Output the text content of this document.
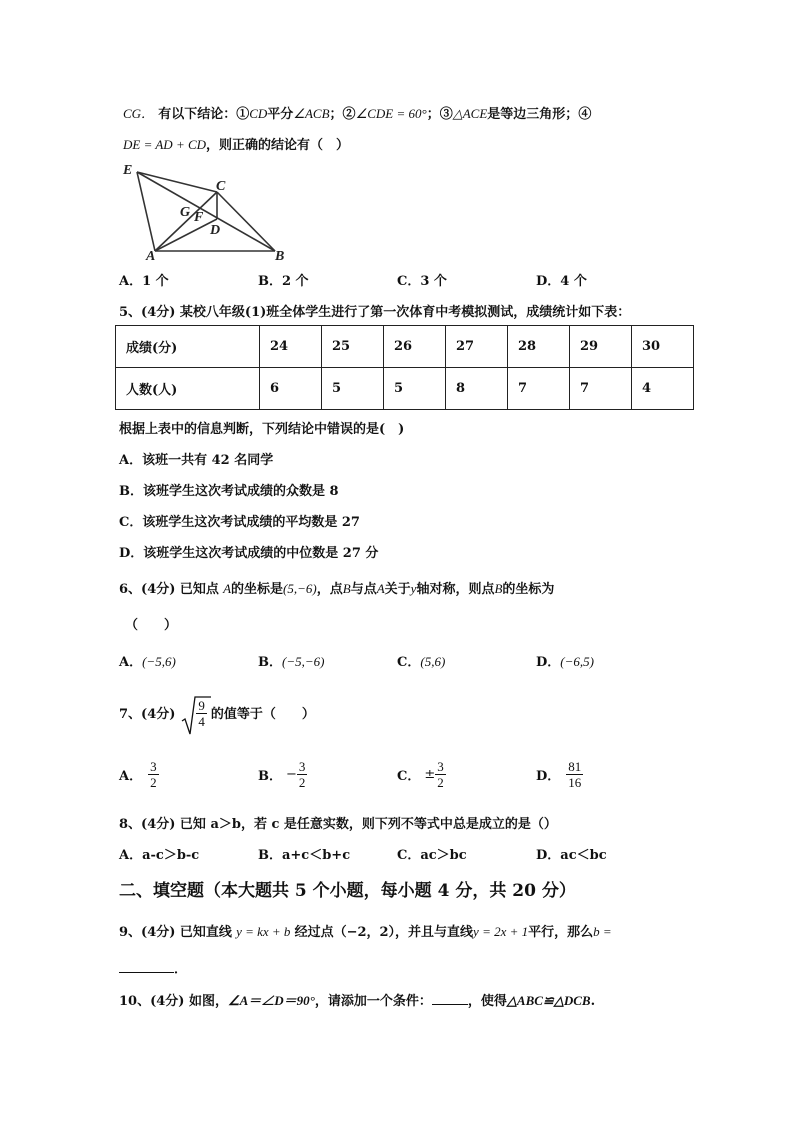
CG． 有以下结论：①CD平分∠ACB；②∠CDE = 60°；③△ACE是等边三角形；④
DE = AD + CD，则正确的结论有（　）
E
C
G F
D
A	B
A．1 个	B．2 个	C．3 个	D．4 个
5、(4分) 某校八年级(1)班全体学生进行了第一次体育中考模拟测试，成绩统计如下表：
成绩(分)	24	25	26	27	28	29	30
人数(人)	6	5	5	8	7	7	4
根据上表中的信息判断，下列结论中错误的是(　)
A．该班一共有 42 名同学
B．该班学生这次考试成绩的众数是 8
C．该班学生这次考试成绩的平均数是 27
D．该班学生这次考试成绩的中位数是 27 分
6、(4分) 已知点 A的坐标是(5,−6)，点B与点A关于y轴对称，则点B的坐标为
（　　）
A．(−5,6)	B．(−5,−6)	C．(5,6)	D．(−6,5)
7、(4分) $\frac{9}{4}$ 的值等于（　　）
A． $\frac{3}{2}$	B． − $\frac{3}{2}$	C． ± $\frac{3}{2}$	D． $\frac{81}{16}$
8、(4分) 已知 a＞b，若 c 是任意实数，则下列不等式中总是成立的是（）
A．a-c＞b-c	B．a+c＜b+c	C．ac＞bc	D．ac＜bc
二、填空题（本大题共 5 个小题，每小题 4 分，共 20 分）
9、(4分) 已知直线 y = kx + b 经过点（−2，2），并且与直线y = 2x + 1平行，那么b =
．
10、(4分) 如图，∠A＝∠D＝90°，请添加一个条件：	，使得△ABC≌△DCB.
